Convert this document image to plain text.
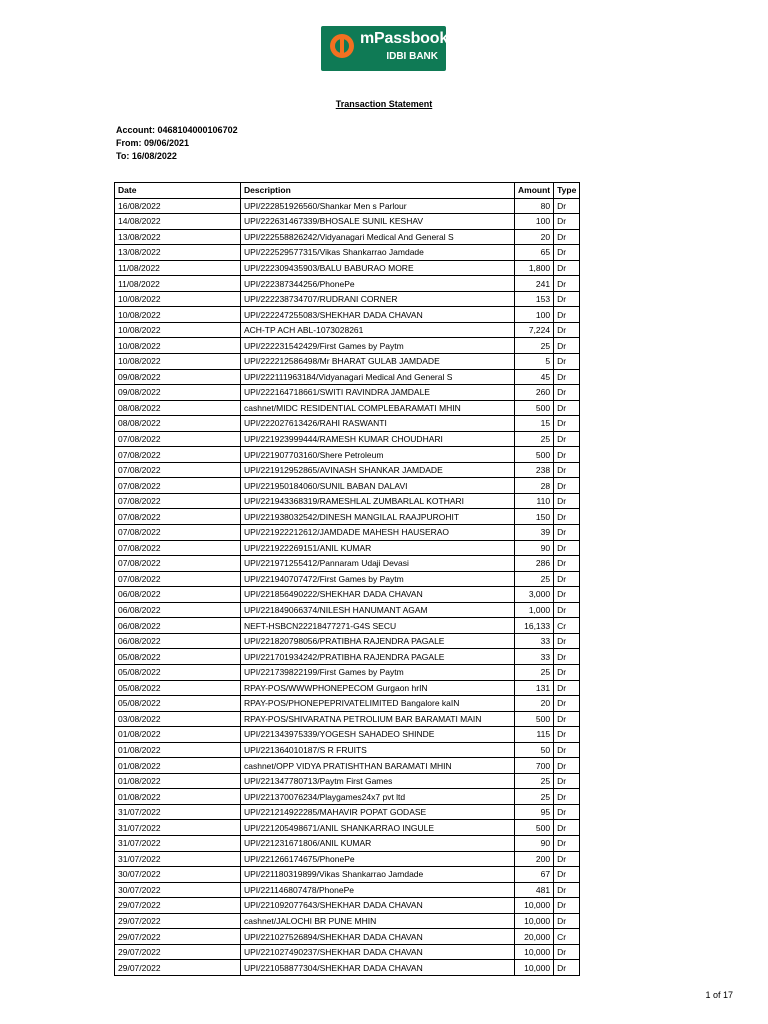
mPassbook
IDBI BANK
Transaction Statement
Account: 0468104000106702
From: 09/06/2021
To: 16/08/2022
Date	Description	Amount	Type
16/08/2022	UPI/222851926560/Shankar Men s Parlour	80	Dr
14/08/2022	UPI/222631467339/BHOSALE SUNIL KESHAV	100	Dr
13/08/2022	UPI/222558826242/Vidyanagari Medical And General S	20	Dr
13/08/2022	UPI/222529577315/Vikas Shankarrao Jamdade	65	Dr
11/08/2022	UPI/222309435903/BALU BABURAO MORE	1,800	Dr
11/08/2022	UPI/222387344256/PhonePe	241	Dr
10/08/2022	UPI/222238734707/RUDRANI CORNER	153	Dr
10/08/2022	UPI/222247255083/SHEKHAR DADA CHAVAN	100	Dr
10/08/2022	ACH-TP ACH ABL-1073028261	7,224	Dr
10/08/2022	UPI/222231542429/First Games by Paytm	25	Dr
10/08/2022	UPI/222212586498/Mr BHARAT GULAB JAMDADE	5	Dr
09/08/2022	UPI/222111963184/Vidyanagari Medical And General S	45	Dr
09/08/2022	UPI/222164718661/SWITI RAVINDRA JAMDALE	260	Dr
08/08/2022	cashnet/MIDC RESIDENTIAL COMPLEBARAMATI MHIN	500	Dr
08/08/2022	UPI/222027613426/RAHI RASWANTI	15	Dr
07/08/2022	UPI/221923999444/RAMESH KUMAR CHOUDHARI	25	Dr
07/08/2022	UPI/221907703160/Shere Petroleum	500	Dr
07/08/2022	UPI/221912952865/AVINASH SHANKAR JAMDADE	238	Dr
07/08/2022	UPI/221950184060/SUNIL BABAN DALAVI	28	Dr
07/08/2022	UPI/221943368319/RAMESHLAL ZUMBARLAL KOTHARI	110	Dr
07/08/2022	UPI/221938032542/DINESH MANGILAL RAAJPUROHIT	150	Dr
07/08/2022	UPI/221922212612/JAMDADE MAHESH HAUSERAO	39	Dr
07/08/2022	UPI/221922269151/ANIL KUMAR	90	Dr
07/08/2022	UPI/221971255412/Pannaram Udaji Devasi	286	Dr
07/08/2022	UPI/221940707472/First Games by Paytm	25	Dr
06/08/2022	UPI/221856490222/SHEKHAR DADA CHAVAN	3,000	Dr
06/08/2022	UPI/221849066374/NILESH HANUMANT AGAM	1,000	Dr
06/08/2022	NEFT-HSBCN22218477271-G4S SECU	16,133	Cr
06/08/2022	UPI/221820798056/PRATIBHA RAJENDRA PAGALE	33	Dr
05/08/2022	UPI/221701934242/PRATIBHA RAJENDRA PAGALE	33	Dr
05/08/2022	UPI/221739822199/First Games by Paytm	25	Dr
05/08/2022	RPAY-POS/WWWPHONEPECOM Gurgaon hrIN	131	Dr
05/08/2022	RPAY-POS/PHONEPEPRIVATELIMITED Bangalore kaIN	20	Dr
03/08/2022	RPAY-POS/SHIVARATNA PETROLIUM BAR BARAMATI MAIN	500	Dr
01/08/2022	UPI/221343975339/YOGESH SAHADEO SHINDE	115	Dr
01/08/2022	UPI/221364010187/S R FRUITS	50	Dr
01/08/2022	cashnet/OPP VIDYA PRATISHTHAN BARAMATI MHIN	700	Dr
01/08/2022	UPI/221347780713/Paytm First Games	25	Dr
01/08/2022	UPI/221370076234/Playgames24x7 pvt ltd	25	Dr
31/07/2022	UPI/221214922285/MAHAVIR POPAT GODASE	95	Dr
31/07/2022	UPI/221205498671/ANIL SHANKARRAO INGULE	500	Dr
31/07/2022	UPI/221231671806/ANIL KUMAR	90	Dr
31/07/2022	UPI/221266174675/PhonePe	200	Dr
30/07/2022	UPI/221180319899/Vikas Shankarrao Jamdade	67	Dr
30/07/2022	UPI/221146807478/PhonePe	481	Dr
29/07/2022	UPI/221092077643/SHEKHAR DADA CHAVAN	10,000	Dr
29/07/2022	cashnet/JALOCHI BR PUNE MHIN	10,000	Dr
29/07/2022	UPI/221027526894/SHEKHAR DADA CHAVAN	20,000	Cr
29/07/2022	UPI/221027490237/SHEKHAR DADA CHAVAN	10,000	Dr
29/07/2022	UPI/221058877304/SHEKHAR DADA CHAVAN	10,000	Dr
1 of 17
